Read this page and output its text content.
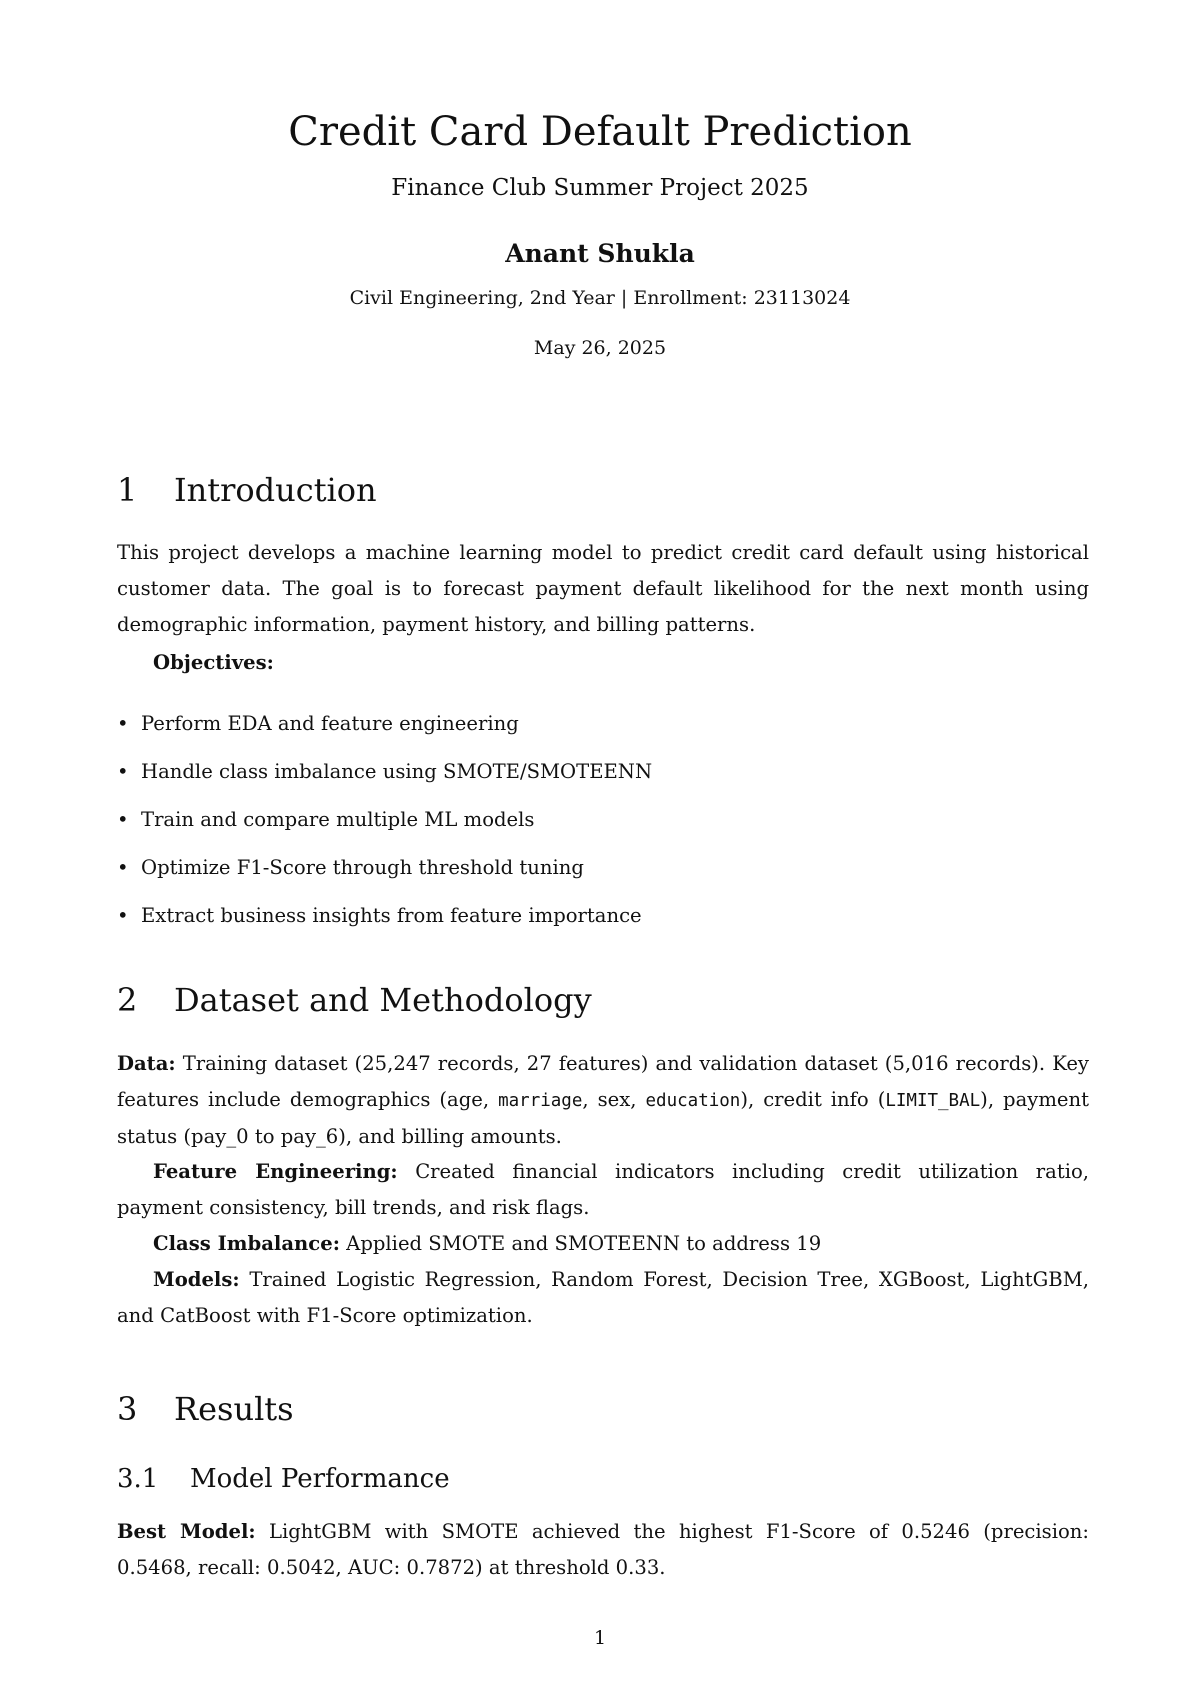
Credit Card Default Prediction
Finance Club Summer Project 2025
Anant Shukla
Civil Engineering, 2nd Year | Enrollment: 23113024
May 26, 2025
1 Introduction
This project develops a machine learning model to predict credit card default using historical customer data. The goal is to forecast payment default likelihood for the next month using demographic information, payment history, and billing patterns.
Objectives:
• Perform EDA and feature engineering
• Handle class imbalance using SMOTE/SMOTEENN
• Train and compare multiple ML models
• Optimize F1-Score through threshold tuning
• Extract business insights from feature importance
2 Dataset and Methodology
Data: Training dataset (25,247 records, 27 features) and validation dataset (5,016 records). Key features include demographics (age, marriage, sex, education), credit info (LIMIT_BAL), payment status (pay_0 to pay_6), and billing amounts.
Feature Engineering: Created financial indicators including credit utilization ratio, payment consistency, bill trends, and risk flags.
Class Imbalance: Applied SMOTE and SMOTEENN to address 19
Models: Trained Logistic Regression, Random Forest, Decision Tree, XGBoost, LightGBM, and CatBoost with F1-Score optimization.
3 Results
3.1 Model Performance
Best Model: LightGBM with SMOTE achieved the highest F1-Score of 0.5246 (precision: 0.5468, recall: 0.5042, AUC: 0.7872) at threshold 0.33.
1
